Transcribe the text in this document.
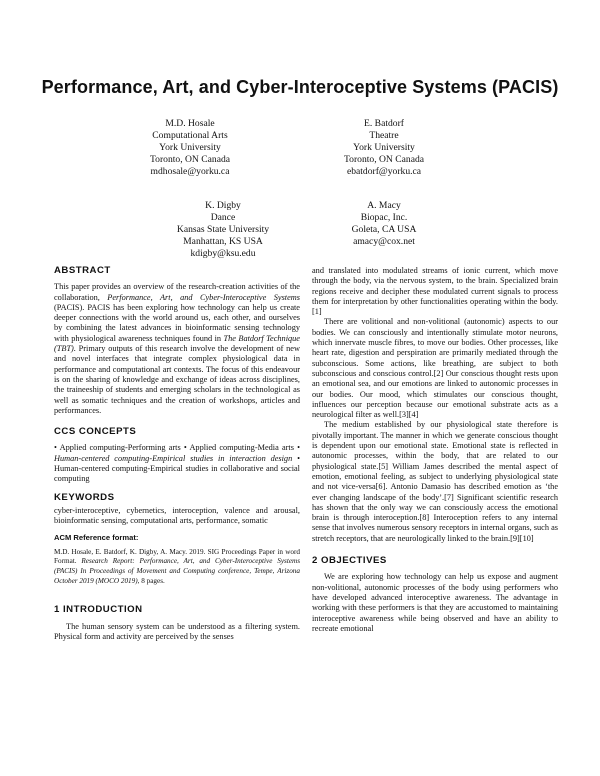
Performance, Art, and Cyber-Interoceptive Systems (PACIS)
M.D. Hosale
Computational Arts
York University
Toronto, ON Canada
mdhosale@yorku.ca
E. Batdorf
Theatre
York University
Toronto, ON Canada
ebatdorf@yorku.ca
K. Digby
Dance
Kansas State University
Manhattan, KS USA
kdigby@ksu.edu
A. Macy
Biopac, Inc.
Goleta, CA USA
amacy@cox.net
ABSTRACT

This paper provides an overview of the research-creation activities of the collaboration, Performance, Art, and Cyber-Interoceptive Systems (PACIS). PACIS has been exploring how technology can help us create deeper connections with the world around us, each other, and ourselves by combining the latest advances in bioinformatic sensing technology with physiological awareness techniques found in The Batdorf Technique (TBT). Primary outputs of this research involve the development of new and novel interfaces that integrate complex physiological data in performance and computational art contexts. The focus of this endeavour is on the sharing of knowledge and exchange of ideas across disciplines, the traineeship of students and emerging scholars in the technological as well as somatic techniques and the creation of workshops, articles and performances.

CCS CONCEPTS

• Applied computing-Performing arts • Applied computing-Media arts • Human-centered computing-Empirical studies in interaction design • Human-centered computing-Empirical studies in collaborative and social computing

KEYWORDS

cyber-interoceptive, cybernetics, interoception, valence and arousal, bioinformatic sensing, computational arts, performance, somatic

ACM Reference format:

M.D. Hosale, E. Batdorf, K. Digby, A. Macy. 2019. SIG Proceedings Paper in word Format. Research Report: Performance, Art, and Cyber-Interoceptive Systems (PACIS) In Proceedings of Movement and Computing conference, Tempe, Arizona October 2019 (MOCO 2019), 8 pages.

1 INTRODUCTION

The human sensory system can be understood as a filtering system. Physical form and activity are perceived by the senses

and translated into modulated streams of ionic current, which move through the body, via the nervous system, to the brain. Specialized brain regions receive and decipher these modulated current signals to process them for interpretation by other functionalities operating within the body.[1]

There are volitional and non-volitional (autonomic) aspects to our bodies. We can consciously and intentionally stimulate motor neurons, which innervate muscle fibres, to move our bodies. Other processes, like heart rate, digestion and perspiration are primarily mediated through the subconscious. Some actions, like breathing, are subject to both subconscious and conscious control.[2] Our conscious thought rests upon an emotional sea, and our emotions are linked to autonomic processes in our bodies. Our mood, which stimulates our conscious thought, influences our perception because our emotional substrate acts as a neurological filter as well.[3][4]

The medium established by our physiological state therefore is pivotally important. The manner in which we generate conscious thought is dependent upon our emotional state. Emotional state is reflected in autonomic processes, within the body, that are related to our physiological state.[5] William James described the mental aspect of emotion, emotional feeling, as subject to underlying physiological state and not vice-versa[6]. Antonio Damasio has described emotion as ‘the ever changing landscape of the body’.[7] Significant scientific research has shown that the only way we can consciously access the emotional brain is through interoception.[8] Interoception refers to any internal sense that involves numerous sensory receptors in internal organs, such as stretch receptors, that are neurologically linked to the brain.[9][10]

2 OBJECTIVES

We are exploring how technology can help us expose and augment non-volitional, autonomic processes of the body using performers who have developed advanced interoceptive awareness. The advantage in working with these performers is that they are accustomed to maintaining interoceptive awareness while being observed and have an ability to recreate emotional
